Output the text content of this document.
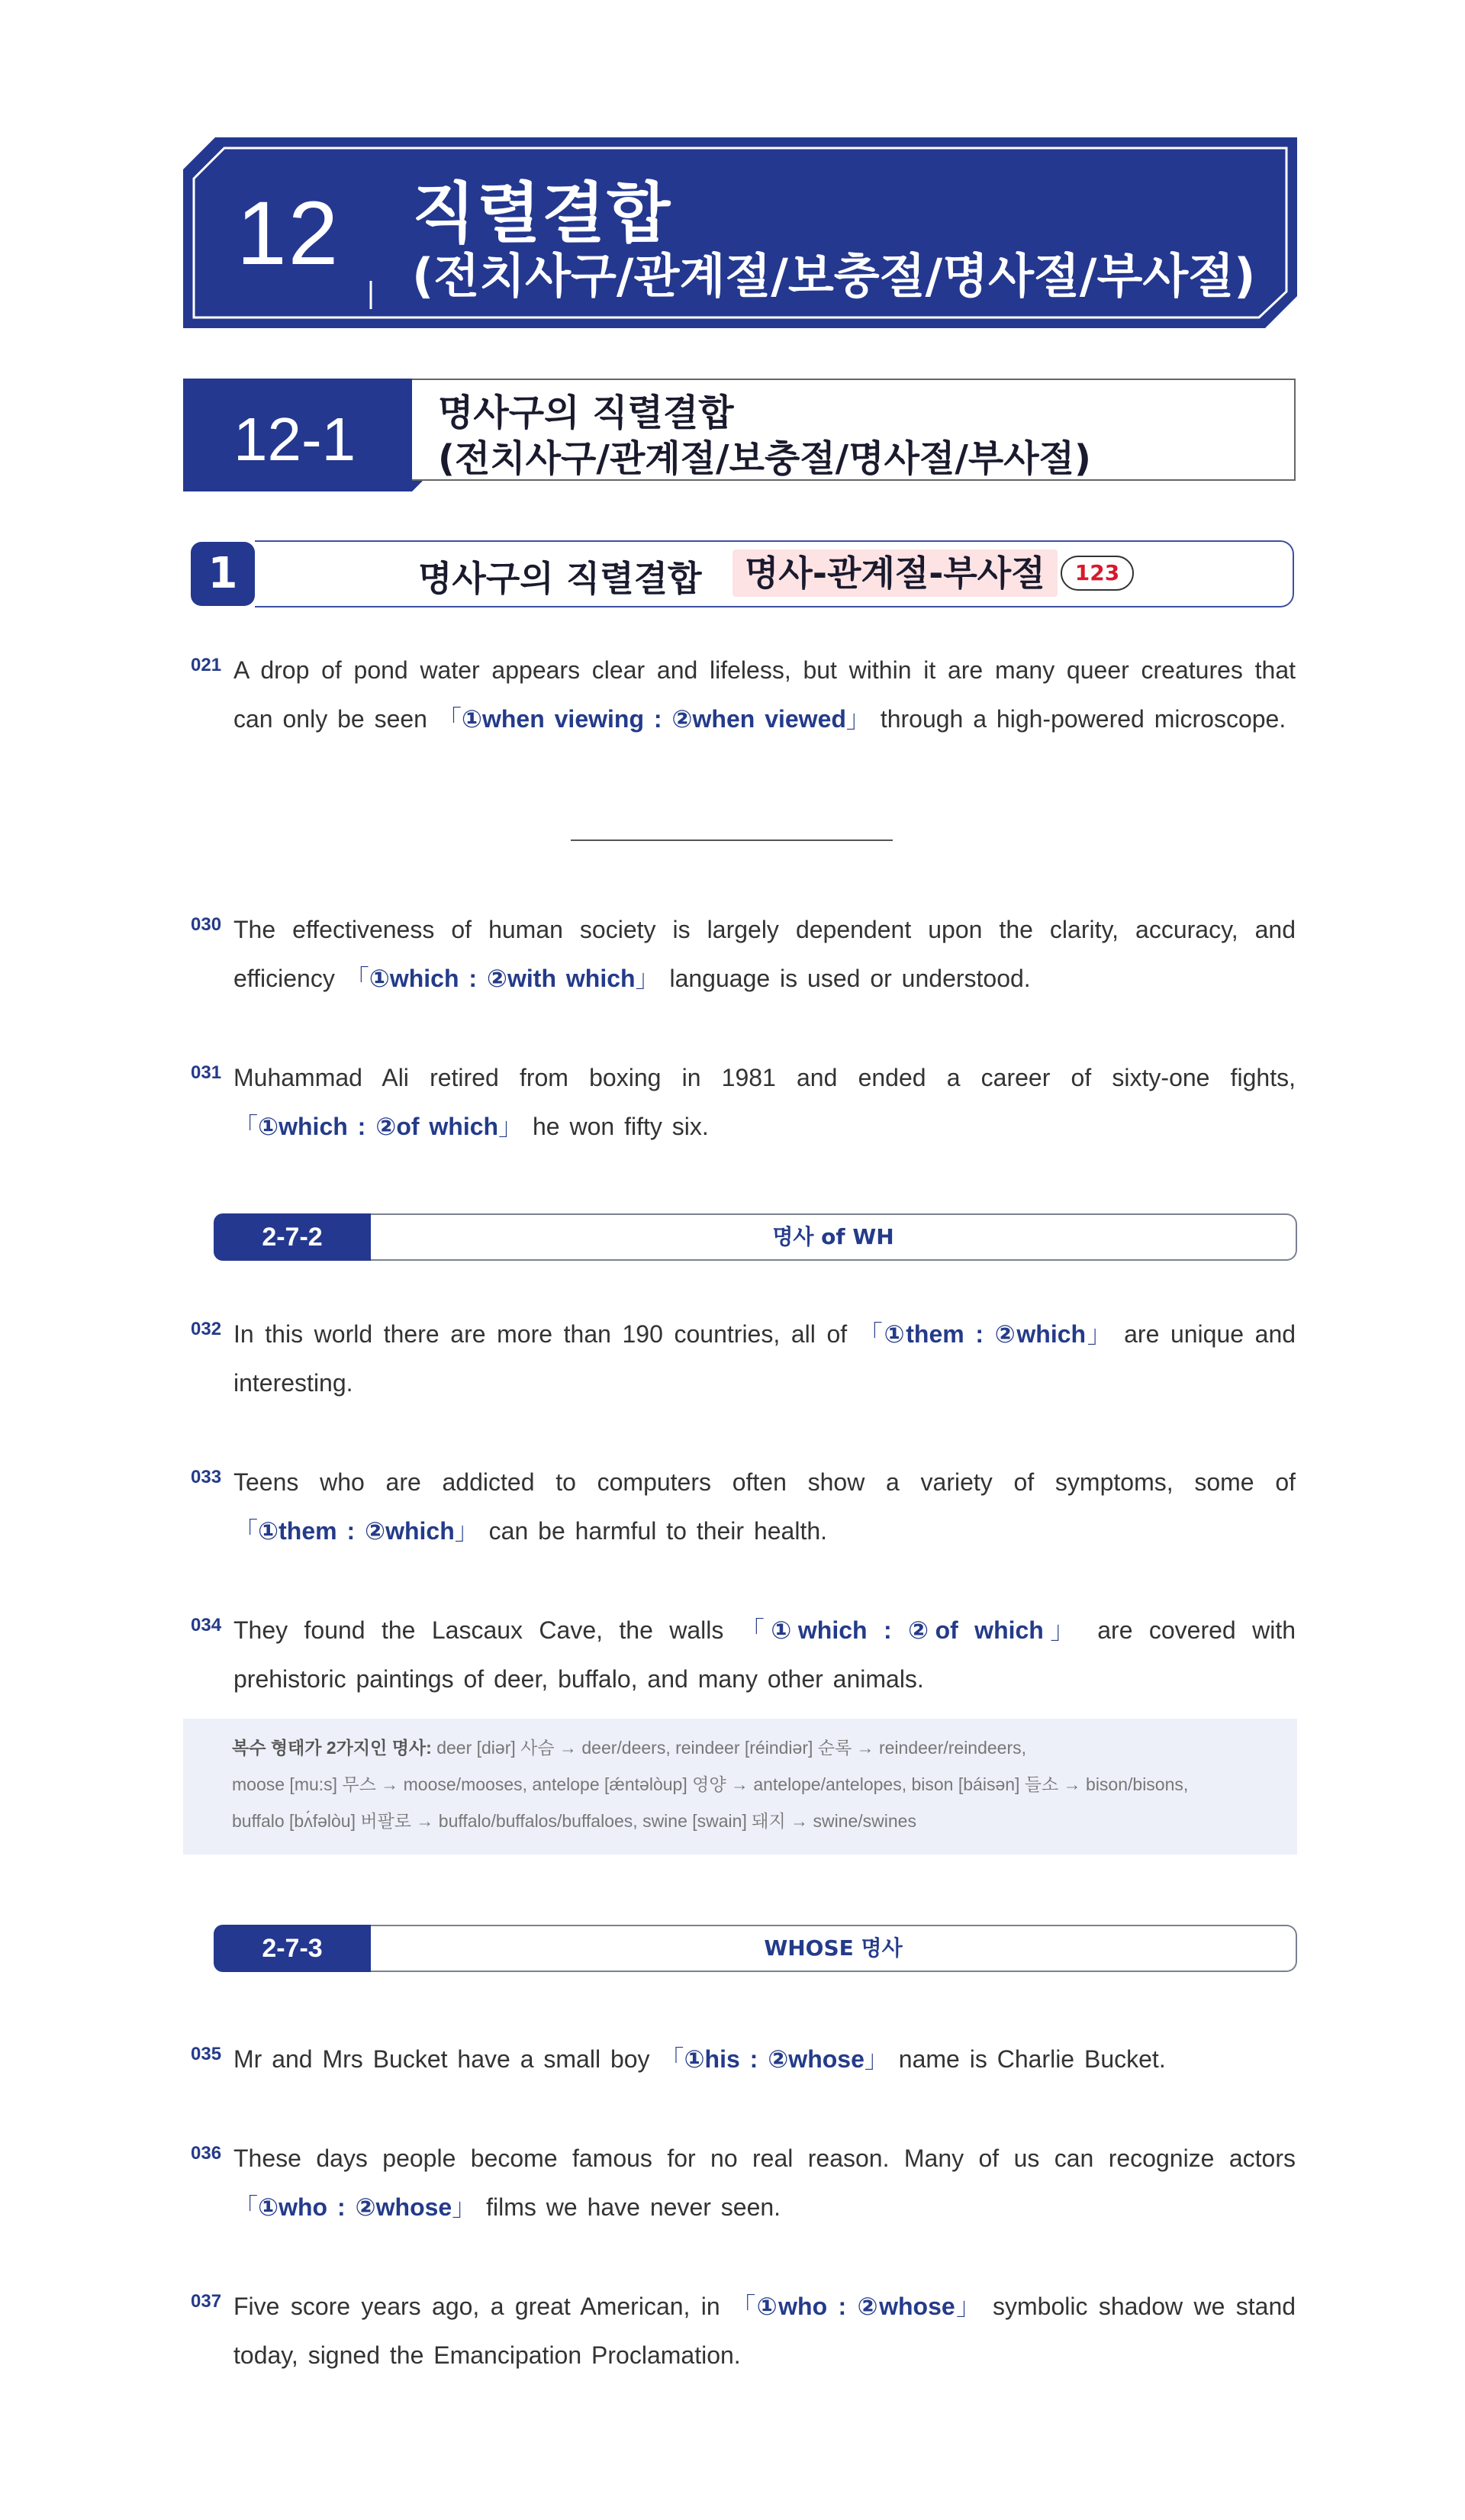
12 직렬결합
(전치사구/관계절/보충절/명사절/부사절)
12-1 명사구의 직렬결합
(전치사구/관계절/보충절/명사절/부사절)
1	명사구의 직렬결합	명사-관계절-부사절	123
021 A drop of pond water appears clear and lifeless, but within it are many queer creatures that can only be seen 「①when viewing : ②when viewed」 through a high-powered microscope.
030 The effectiveness of human society is largely dependent upon the clarity, accuracy, and efficiency 「①which : ②with which」 language is used or understood.
031 Muhammad Ali retired from boxing in 1981 and ended a career of sixty-one fights, 「①which : ②of which」 he won fifty six.
2-7-2	명사 of WH
032 In this world there are more than 190 countries, all of 「①them : ②which」 are unique and interesting.
033 Teens who are addicted to computers often show a variety of symptoms, some of 「①them : ②which」 can be harmful to their health.
034 They found the Lascaux Cave, the walls 「①which : ②of which」 are covered with prehistoric paintings of deer, buffalo, and many other animals.
복수 형태가 2가지인 명사: deer [diər] 사슴 → deer/deers, reindeer [réindiər] 순록 → reindeer/reindeers,
moose [mu:s] 무스 → moose/mooses, antelope [ǽntəlòup] 영양 → antelope/antelopes, bison [báisən] 들소 → bison/bisons,
buffalo [bʌ́fəlòu] 버팔로 → buffalo/buffalos/buffaloes, swine [swain] 돼지 → swine/swines
2-7-3	WHOSE 명사
035 Mr and Mrs Bucket have a small boy 「①his : ②whose」 name is Charlie Bucket.
036 These days people become famous for no real reason. Many of us can recognize actors 「①who : ②whose」 films we have never seen.
037 Five score years ago, a great American, in 「①who : ②whose」 symbolic shadow we stand today, signed the Emancipation Proclamation.
